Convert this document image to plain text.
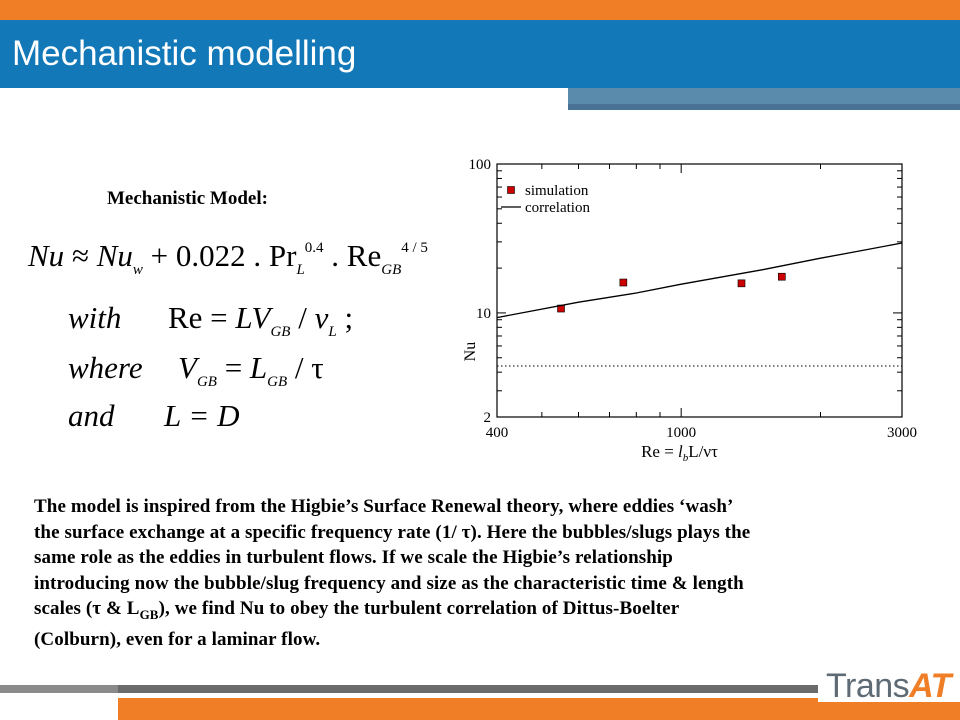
Mechanistic modelling
Mechanistic Model:
$Nu \approx Nu_w + 0.022$ . $Pr_L^{0.4}$ . $Re_{GB}^{4 / 5}$
with $Re = LV_{GB} / \nu_L$ ;
where $V_{GB} = L_{GB} / \tau$
and L = D	400	1000	3000
2
10
100
Nu
$Re = l_bL/\nu\tau$
simulation
correlation
The model is inspired from the Higbie’s Surface Renewal theory, where eddies ‘wash’
the surface exchange at a specific frequency rate (1/ τ). Here the bubbles/slugs plays the
same role as the eddies in turbulent flows. If we scale the Higbie’s relationship
introducing now the bubble/slug frequency and size as the characteristic time & length
scales (τ & $L_{GB}$), we find Nu to obey the turbulent correlation of Dittus-Boelter
(Colburn), even for a laminar flow.
TransAT
